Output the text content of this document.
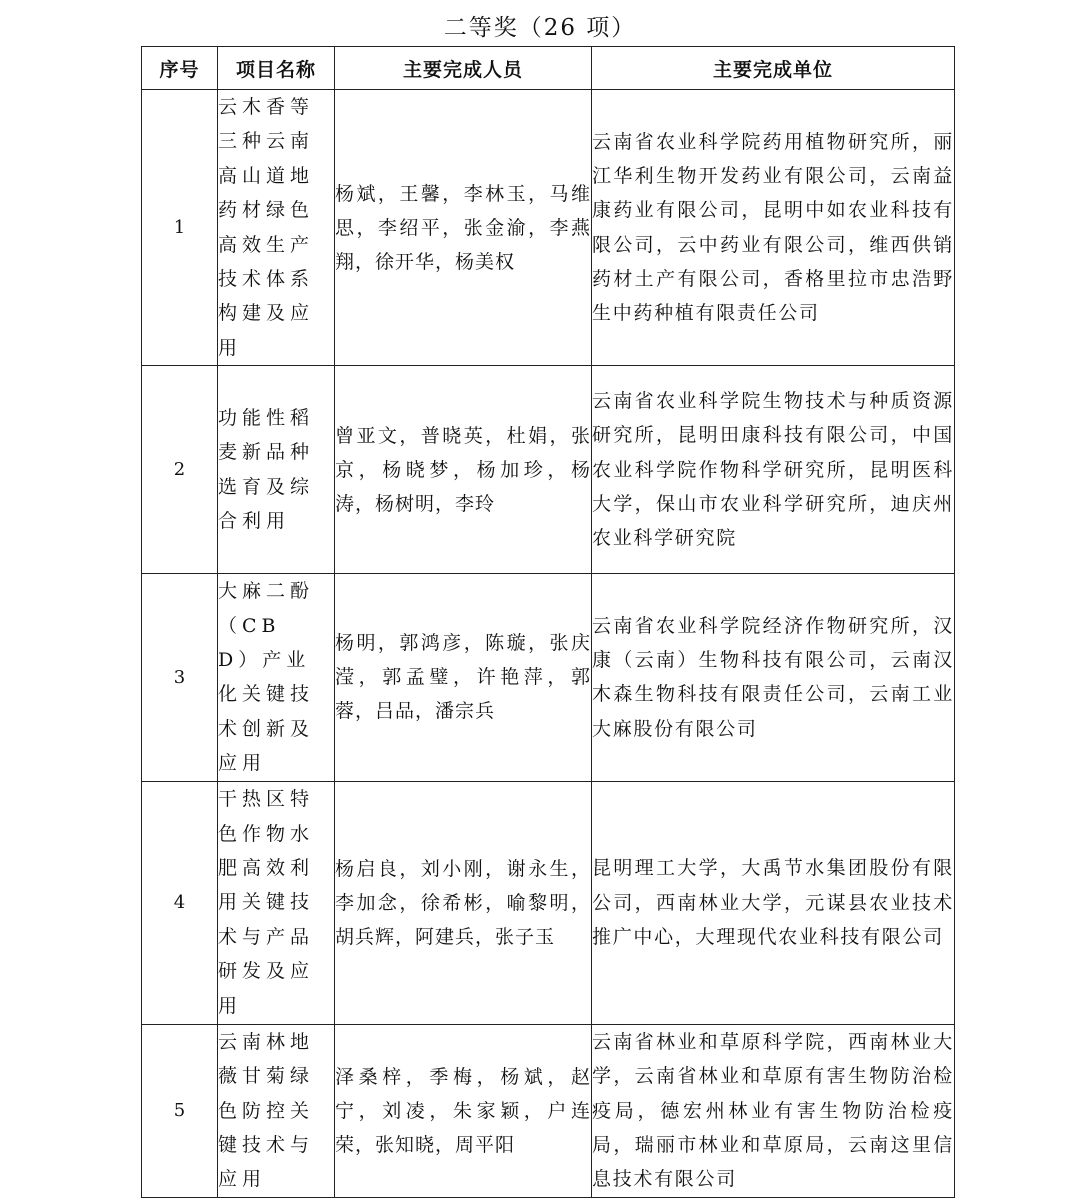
二等奖（26 项）
序号	项目名称	主要完成人员	主要完成单位
1	云木香等三种云南高山道地药材绿色高效生产技术体系构建及应用	杨斌，王馨，李林玉，马维思，李绍平，张金渝，李燕翔，徐开华，杨美权	云南省农业科学院药用植物研究所，丽江华利生物开发药业有限公司，云南益康药业有限公司，昆明中如农业科技有限公司，云中药业有限公司，维西供销药材土产有限公司，香格里拉市忠浩野生中药种植有限责任公司

2	功能性稻麦新品种选育及综合利用	曾亚文，普晓英，杜娟，张京，杨晓梦，杨加珍，杨涛，杨树明，李玲	云南省农业科学院生物技术与种质资源研究所，昆明田康科技有限公司，中国农业科学院作物科学研究所，昆明医科大学，保山市农业科学研究所，迪庆州农业科学研究院

3	大麻二酚（CBD）产业化关键技术创新及应用	杨明，郭鸿彦，陈璇，张庆滢，郭孟璧，许艳萍，郭蓉，吕品，潘宗兵	云南省农业科学院经济作物研究所，汉康（云南）生物科技有限公司，云南汉木森生物科技有限责任公司，云南工业大麻股份有限公司

4	干热区特色作物水肥高效利用关键技术与产品研发及应用	杨启良，刘小刚，谢永生，李加念，徐希彬，喻黎明，胡兵辉，阿建兵，张子玉	昆明理工大学，大禹节水集团股份有限公司，西南林业大学，元谋县农业技术推广中心，大理现代农业科技有限公司

5	云南林地薇甘菊绿色防控关键技术与应用	泽桑梓，季梅，杨斌，赵宁，刘凌，朱家颖，户连荣，张知晓，周平阳	云南省林业和草原科学院，西南林业大学，云南省林业和草原有害生物防治检疫局，德宏州林业有害生物防治检疫局，瑞丽市林业和草原局，云南这里信息技术有限公司
